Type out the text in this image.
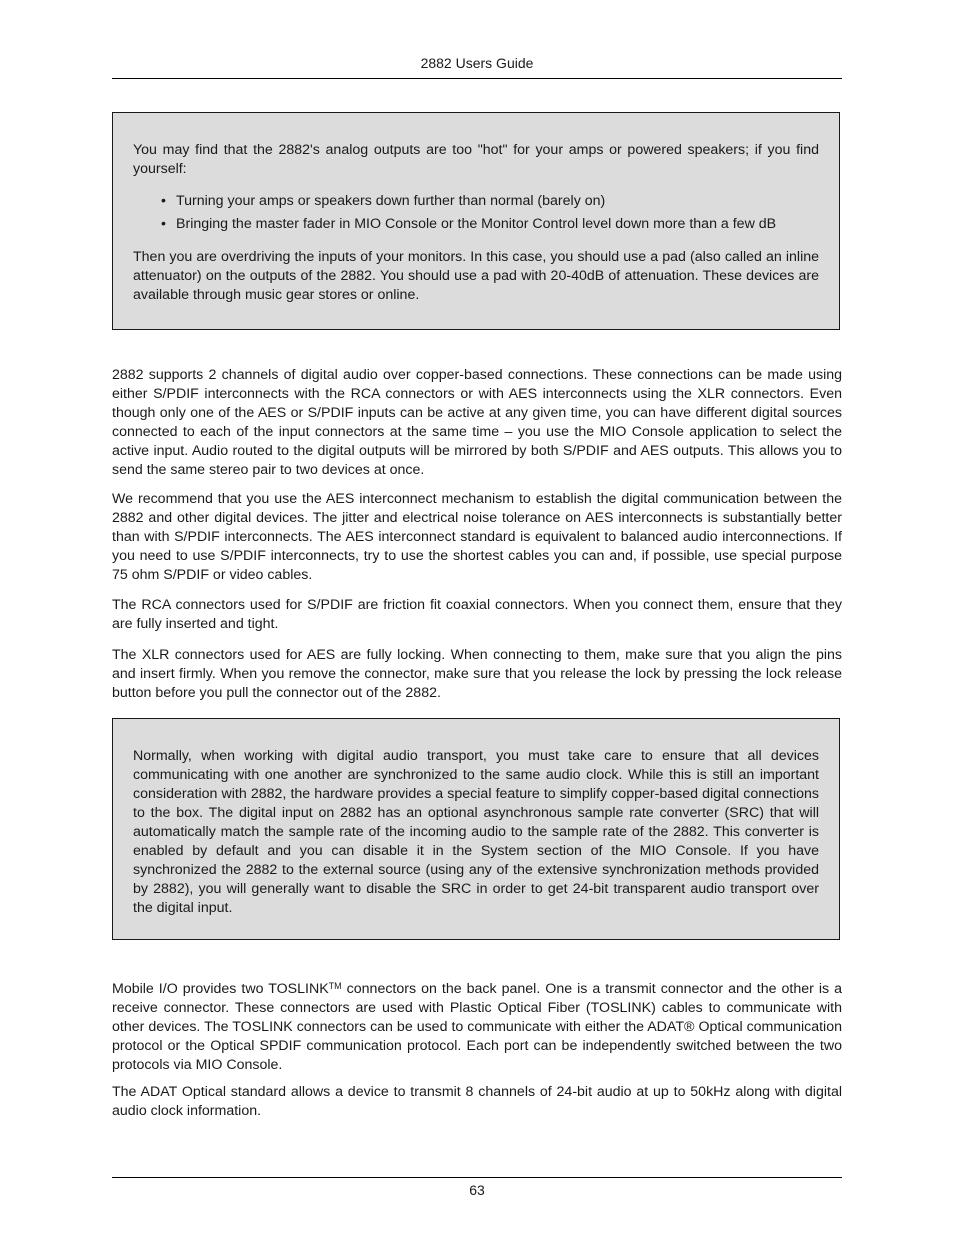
2882 Users Guide

You may find that the 2882's analog outputs are too "hot" for your amps or powered speakers; if you find yourself:

• Turning your amps or speakers down further than normal (barely on)
• Bringing the master fader in MIO Console or the Monitor Control level down more than a few dB

Then you are overdriving the inputs of your monitors. In this case, you should use a pad (also called an inline attenuator) on the outputs of the 2882. You should use a pad with 20-40dB of attenuation. These devices are available through music gear stores or online.

2882 supports 2 channels of digital audio over copper-based connections. These connections can be made using either S/PDIF interconnects with the RCA connectors or with AES interconnects using the XLR connectors. Even though only one of the AES or S/PDIF inputs can be active at any given time, you can have different digital sources connected to each of the input connectors at the same time – you use the MIO Console application to select the active input. Audio routed to the digital outputs will be mirrored by both S/PDIF and AES outputs. This allows you to send the same stereo pair to two devices at once.

We recommend that you use the AES interconnect mechanism to establish the digital communication between the 2882 and other digital devices. The jitter and electrical noise tolerance on AES interconnects is substantially better than with S/PDIF interconnects. The AES interconnect standard is equivalent to balanced audio interconnections. If you need to use S/PDIF interconnects, try to use the shortest cables you can and, if possible, use special purpose 75 ohm S/PDIF or video cables.

The RCA connectors used for S/PDIF are friction fit coaxial connectors. When you connect them, ensure that they are fully inserted and tight.

The XLR connectors used for AES are fully locking. When connecting to them, make sure that you align the pins and insert firmly. When you remove the connector, make sure that you release the lock by pressing the lock release button before you pull the connector out of the 2882.

Normally, when working with digital audio transport, you must take care to ensure that all devices communicating with one another are synchronized to the same audio clock. While this is still an important consideration with 2882, the hardware provides a special feature to simplify copper-based digital connections to the box. The digital input on 2882 has an optional asynchronous sample rate converter (SRC) that will automatically match the sample rate of the incoming audio to the sample rate of the 2882. This converter is enabled by default and you can disable it in the System section of the MIO Console. If you have synchronized the 2882 to the external source (using any of the extensive synchronization methods provided by 2882), you will generally want to disable the SRC in order to get 24-bit transparent audio transport over the digital input.

Mobile I/O provides two TOSLINK™ connectors on the back panel. One is a transmit connector and the other is a receive connector. These connectors are used with Plastic Optical Fiber (TOSLINK) cables to communicate with other devices. The TOSLINK connectors can be used to communicate with either the ADAT® Optical communication protocol or the Optical SPDIF communication protocol. Each port can be independently switched between the two protocols via MIO Console.

The ADAT Optical standard allows a device to transmit 8 channels of 24-bit audio at up to 50kHz along with digital audio clock information.

63
